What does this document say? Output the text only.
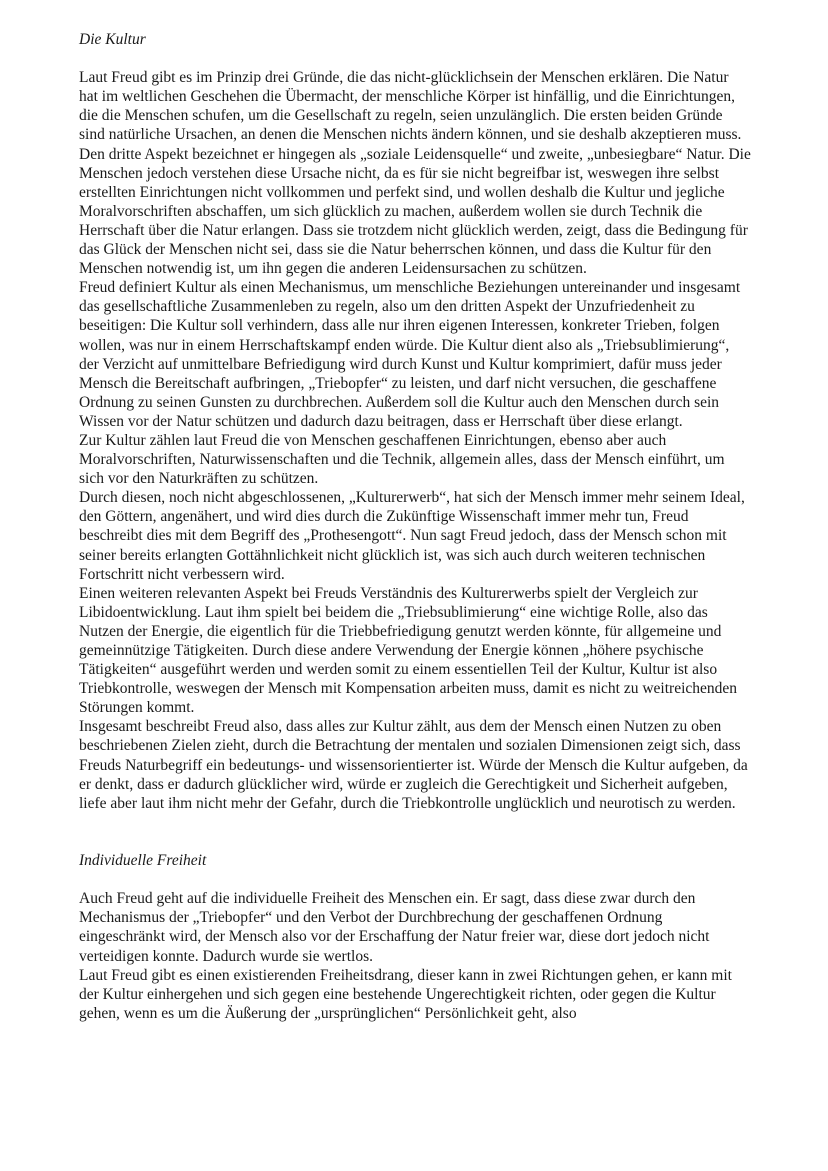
Die Kultur

Laut Freud gibt es im Prinzip drei Gründe, die das nicht-glücklichsein der Menschen erklären. Die Natur hat im weltlichen Geschehen die Übermacht, der menschliche Körper ist hinfällig, und die Einrichtungen, die die Menschen schufen, um die Gesellschaft zu regeln, seien unzulänglich. Die ersten beiden Gründe sind natürliche Ursachen, an denen die Menschen nichts ändern können, und sie deshalb akzeptieren muss. Den dritte Aspekt bezeichnet er hingegen als „soziale Leidensquelle“ und zweite, „unbesiegbare“ Natur. Die Menschen jedoch verstehen diese Ursache nicht, da es für sie nicht begreifbar ist, weswegen ihre selbst erstellten Einrichtungen nicht vollkommen und perfekt sind, und wollen deshalb die Kultur und jegliche Moralvorschriften abschaffen, um sich glücklich zu machen, außerdem wollen sie durch Technik die Herrschaft über die Natur erlangen. Dass sie trotzdem nicht glücklich werden, zeigt, dass die Bedingung für das Glück der Menschen nicht sei, dass sie die Natur beherrschen können, und dass die Kultur für den Menschen notwendig ist, um ihn gegen die anderen Leidensursachen zu schützen.

Freud definiert Kultur als einen Mechanismus, um menschliche Beziehungen untereinander und insgesamt das gesellschaftliche Zusammenleben zu regeln, also um den dritten Aspekt der Unzufriedenheit zu beseitigen: Die Kultur soll verhindern, dass alle nur ihren eigenen Interessen, konkreter Trieben, folgen wollen, was nur in einem Herrschaftskampf enden würde. Die Kultur dient also als „Triebsublimierung“, der Verzicht auf unmittelbare Befriedigung wird durch Kunst und Kultur komprimiert, dafür muss jeder Mensch die Bereitschaft aufbringen, „Triebopfer“ zu leisten, und darf nicht versuchen, die geschaffene Ordnung zu seinen Gunsten zu durchbrechen. Außerdem soll die Kultur auch den Menschen durch sein Wissen vor der Natur schützen und dadurch dazu beitragen, dass er Herrschaft über diese erlangt.

Zur Kultur zählen laut Freud die von Menschen geschaffenen Einrichtungen, ebenso aber auch Moralvorschriften, Naturwissenschaften und die Technik, allgemein alles, dass der Mensch einführt, um sich vor den Naturkräften zu schützen.

Durch diesen, noch nicht abgeschlossenen, „Kulturerwerb“, hat sich der Mensch immer mehr seinem Ideal, den Göttern, angenähert, und wird dies durch die Zukünftige Wissenschaft immer mehr tun, Freud beschreibt dies mit dem Begriff des „Prothesengott“. Nun sagt Freud jedoch, dass der Mensch schon mit seiner bereits erlangten Gottähnlichkeit nicht glücklich ist, was sich auch durch weiteren technischen Fortschritt nicht verbessern wird.

Einen weiteren relevanten Aspekt bei Freuds Verständnis des Kulturerwerbs spielt der Vergleich zur Libidoentwicklung. Laut ihm spielt bei beidem die „Triebsublimierung“ eine wichtige Rolle, also das Nutzen der Energie, die eigentlich für die Triebbefriedigung genutzt werden könnte, für allgemeine und gemeinnützige Tätigkeiten. Durch diese andere Verwendung der Energie können „höhere psychische Tätigkeiten“ ausgeführt werden und werden somit zu einem essentiellen Teil der Kultur, Kultur ist also Triebkontrolle, weswegen der Mensch mit Kompensation arbeiten muss, damit es nicht zu weitreichenden Störungen kommt.

Insgesamt beschreibt Freud also, dass alles zur Kultur zählt, aus dem der Mensch einen Nutzen zu oben beschriebenen Zielen zieht, durch die Betrachtung der mentalen und sozialen Dimensionen zeigt sich, dass Freuds Naturbegriff ein bedeutungs- und wissensorientierter ist. Würde der Mensch die Kultur aufgeben, da er denkt, dass er dadurch glücklicher wird, würde er zugleich die Gerechtigkeit und Sicherheit aufgeben, liefe aber laut ihm nicht mehr der Gefahr, durch die Triebkontrolle unglücklich und neurotisch zu werden.

Individuelle Freiheit

Auch Freud geht auf die individuelle Freiheit des Menschen ein. Er sagt, dass diese zwar durch den Mechanismus der „Triebopfer“ und den Verbot der Durchbrechung der geschaffenen Ordnung eingeschränkt wird, der Mensch also vor der Erschaffung der Natur freier war, diese dort jedoch nicht verteidigen konnte. Dadurch wurde sie wertlos.

Laut Freud gibt es einen existierenden Freiheitsdrang, dieser kann in zwei Richtungen gehen, er kann mit der Kultur einhergehen und sich gegen eine bestehende Ungerechtigkeit richten, oder gegen die Kultur gehen, wenn es um die Äußerung der „ursprünglichen“ Persönlichkeit geht, also
